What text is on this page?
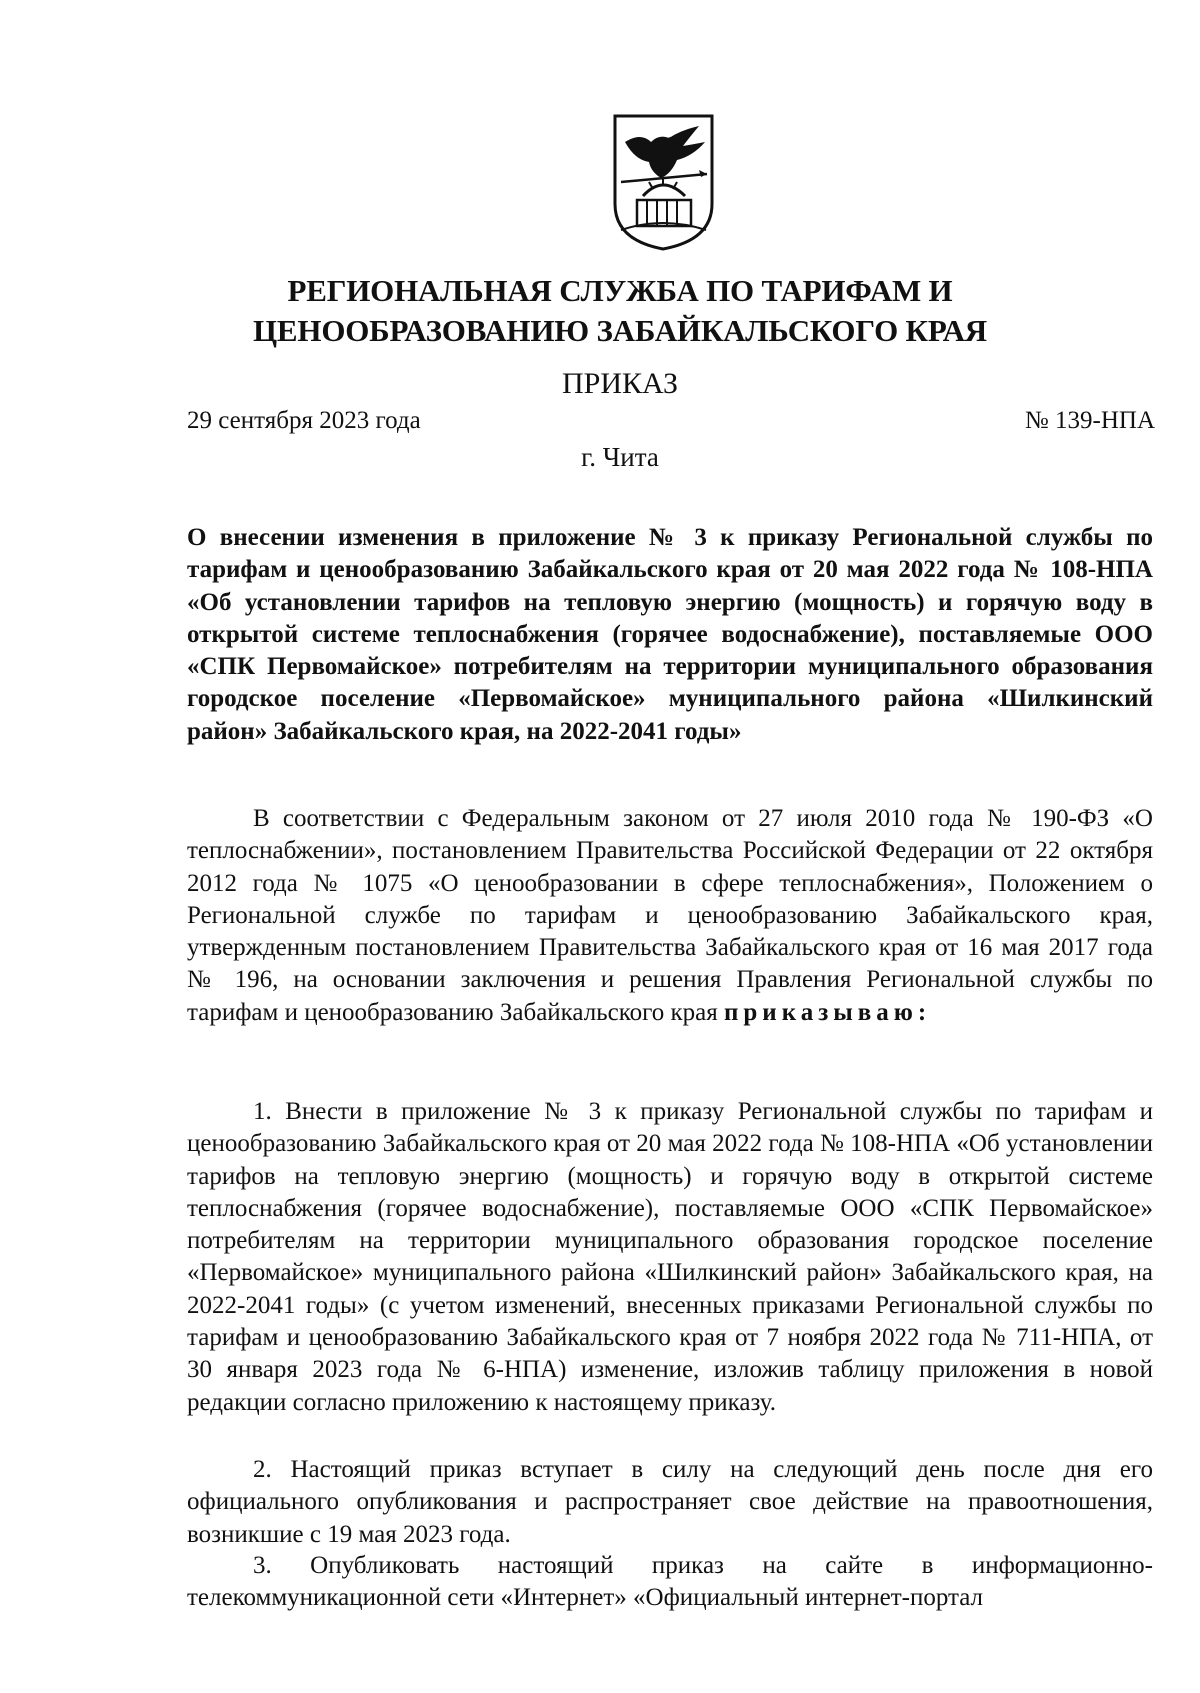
РЕГИОНАЛЬНАЯ СЛУЖБА ПО ТАРИФАМ И
ЦЕНООБРАЗОВАНИЮ ЗАБАЙКАЛЬСКОГО КРАЯ
ПРИКАЗ
29 сентября 2023 года	№ 139-НПА
г. Чита
О внесении изменения в приложение № 3 к приказу Региональной службы по тарифам и ценообразованию Забайкальского края от 20 мая 2022 года № 108-НПА «Об установлении тарифов на тепловую энергию (мощность) и горячую воду в открытой системе теплоснабжения (горячее водоснабжение), поставляемые ООО «СПК Первомайское» потребителям на территории муниципального образования городское поселение «Первомайское» муниципального района «Шилкинский район» Забайкальского края, на 2022-2041 годы»

В соответствии с Федеральным законом от 27 июля 2010 года № 190-ФЗ «О теплоснабжении», постановлением Правительства Российской Федерации от 22 октября 2012 года № 1075 «О ценообразовании в сфере теплоснабжения», Положением о Региональной службе по тарифам и ценообразованию Забайкальского края, утвержденным постановлением Правительства Забайкальского края от 16 мая 2017 года № 196, на основании заключения и решения Правления Региональной службы по тарифам и ценообразованию Забайкальского края приказываю:

1. Внести в приложение № 3 к приказу Региональной службы по тарифам и ценообразованию Забайкальского края от 20 мая 2022 года № 108-НПА «Об установлении тарифов на тепловую энергию (мощность) и горячую воду в открытой системе теплоснабжения (горячее водоснабжение), поставляемые ООО «СПК Первомайское» потребителям на территории муниципального образования городское поселение «Первомайское» муниципального района «Шилкинский район» Забайкальского края, на 2022-2041 годы» (с учетом изменений, внесенных приказами Региональной службы по тарифам и ценообразованию Забайкальского края от 7 ноября 2022 года № 711-НПА, от 30 января 2023 года № 6-НПА) изменение, изложив таблицу приложения в новой редакции согласно приложению к настоящему приказу.

2. Настоящий приказ вступает в силу на следующий день после дня его официального опубликования и распространяет свое действие на правоотношения, возникшие с 19 мая 2023 года.

3. Опубликовать настоящий приказ на сайте в информационно-телекоммуникационной сети «Интернет» «Официальный интернет-портал
